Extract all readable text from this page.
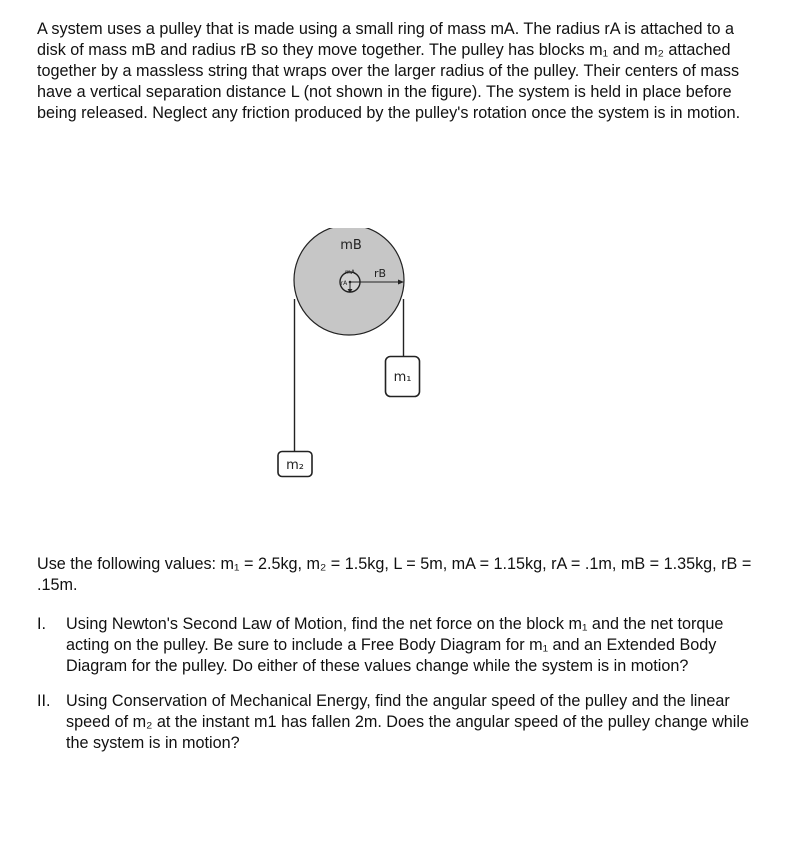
A system uses a pulley that is made using a small ring of mass mA. The radius rA is attached to a disk of mass mB and radius rB so they move together. The pulley has blocks m₁ and m₂ attached together by a massless string that wraps over the larger radius of the pulley. Their centers of mass have a vertical separation distance L (not shown in the figure). The system is held in place before being released. Neglect any friction produced by the pulley's rotation once the system is in motion.

mB
mA
rA
rB
m₁
m₂

Use the following values: m₁ = 2.5kg, m₂ = 1.5kg, L = 5m, mA = 1.15kg, rA = .1m, mB = 1.35kg, rB = .15m.

I. Using Newton's Second Law of Motion, find the net force on the block m₁ and the net torque acting on the pulley. Be sure to include a Free Body Diagram for m₁ and an Extended Body Diagram for the pulley. Do either of these values change while the system is in motion?
II. Using Conservation of Mechanical Energy, find the angular speed of the pulley and the linear speed of m₂ at the instant m1 has fallen 2m. Does the angular speed of the pulley change while the system is in motion?
